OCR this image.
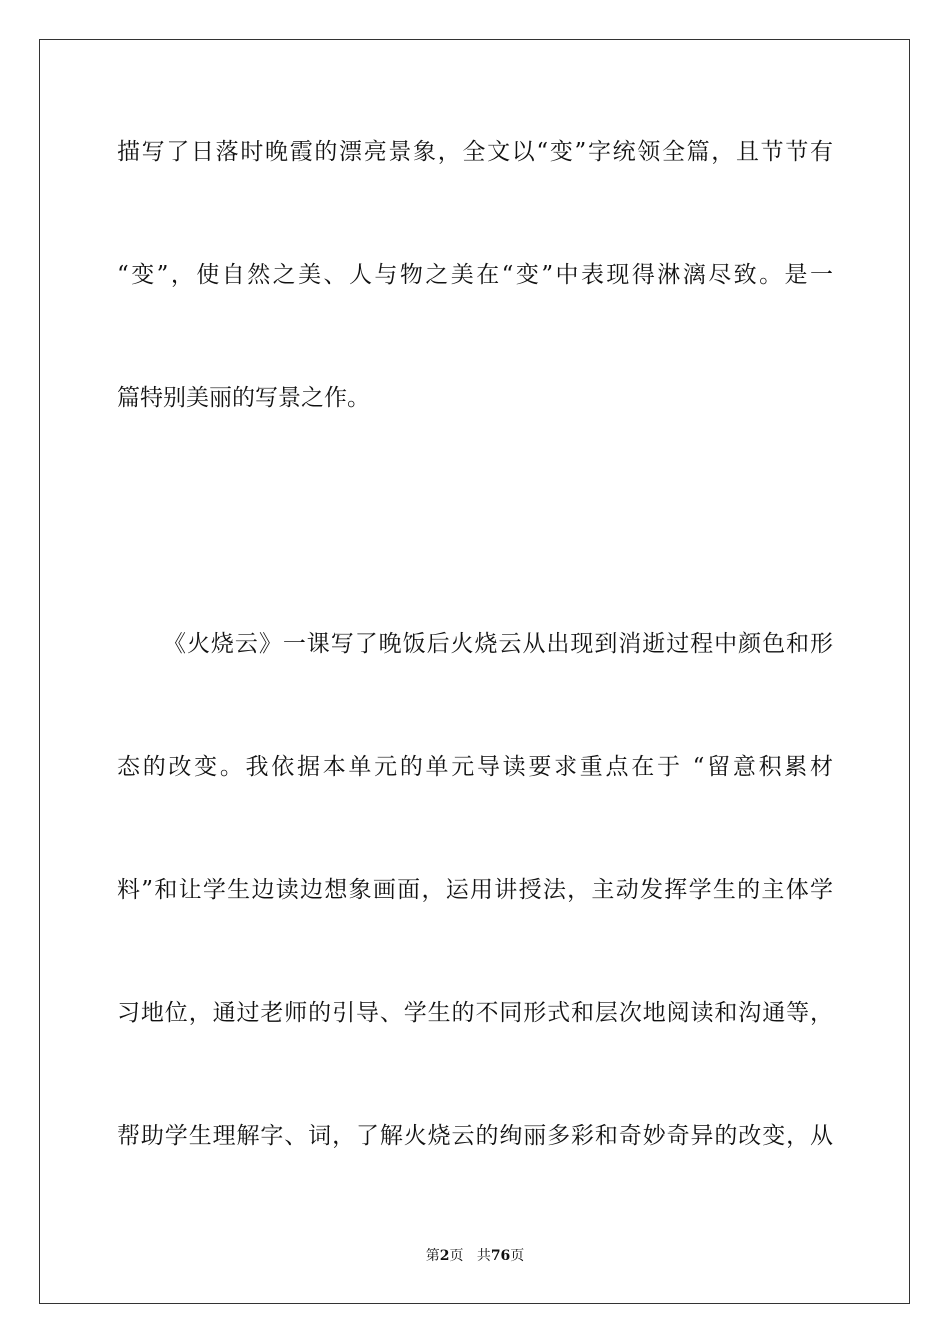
描写了日落时晚霞的漂亮景象，全文以“变”字统领全篇，且节节有
“变”，使自然之美、人与物之美在“变”中表现得淋漓尽致。是一
篇特别美丽的写景之作。
《火烧云》一课写了晚饭后火烧云从出现到消逝过程中颜色和形
态的改变。我依据本单元的单元导读要求重点在于 “留意积累材
料”和让学生边读边想象画面，运用讲授法，主动发挥学生的主体学
习地位，通过老师的引导、学生的不同形式和层次地阅读和沟通等，
帮助学生理解字、词，了解火烧云的绚丽多彩和奇妙奇异的改变，从
第2页 共76页
